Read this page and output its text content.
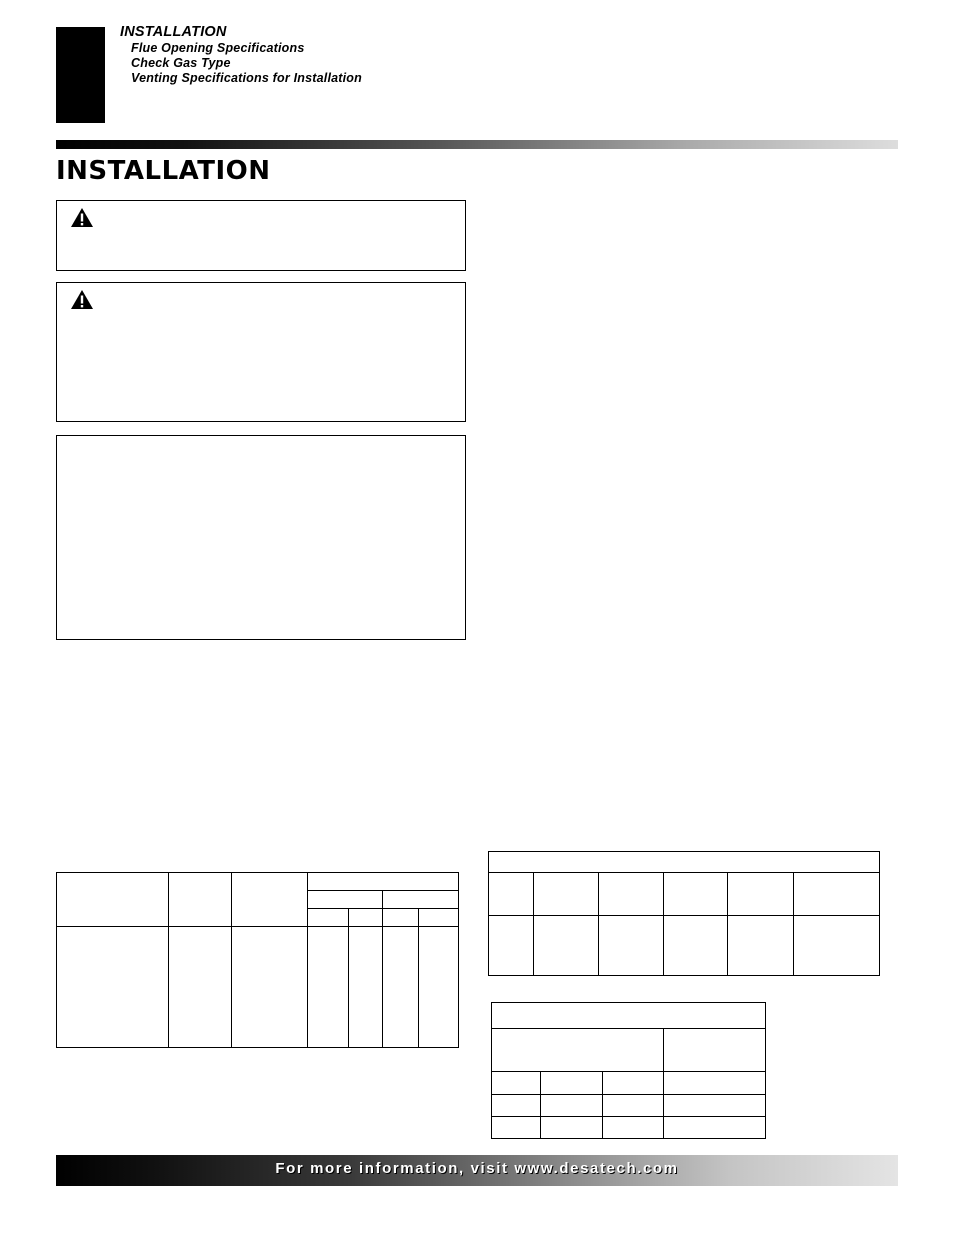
INSTALLATION
Flue Opening Specifications
Check Gas Type
Venting Specifications for Installation
INSTALLATION

For more information, visit www.desatech.com
